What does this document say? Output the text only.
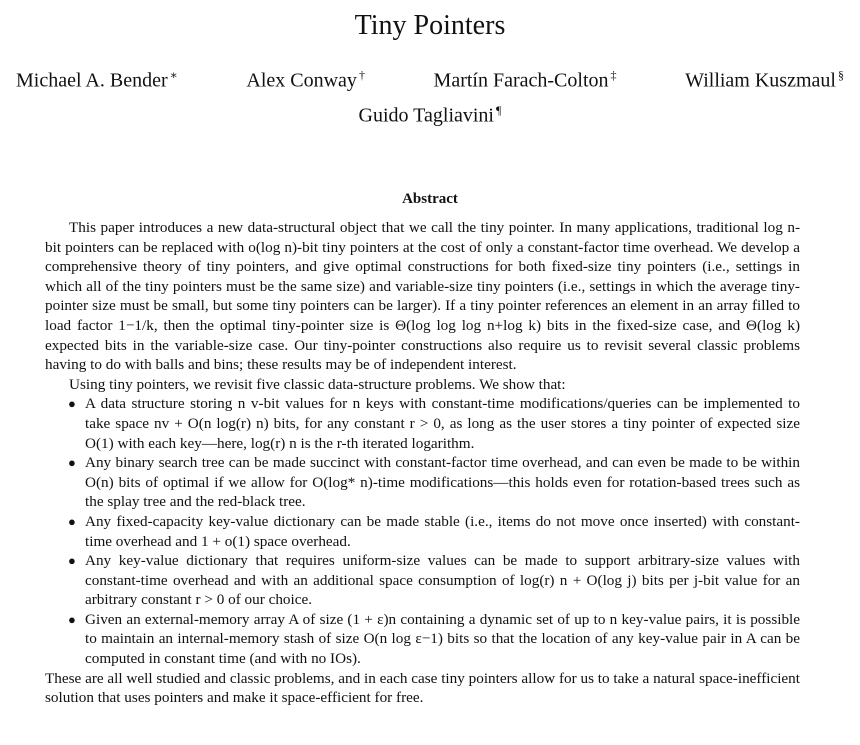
Tiny Pointers
Michael A. Bender ∗	Alex Conway †	Martín Farach-Colton ‡	William Kuszmaul §
Guido Tagliavini ¶
Abstract

This paper introduces a new data-structural object that we call the tiny pointer. In many applications, traditional log n-bit pointers can be replaced with o(log n)-bit tiny pointers at the cost of only a constant-factor time overhead. We develop a comprehensive theory of tiny pointers, and give optimal constructions for both fixed-size tiny pointers (i.e., settings in which all of the tiny pointers must be the same size) and variable-size tiny pointers (i.e., settings in which the average tiny-pointer size must be small, but some tiny pointers can be larger). If a tiny pointer references an element in an array filled to load factor 1−1/k, then the optimal tiny-pointer size is Θ(log log log n+log k) bits in the fixed-size case, and Θ(log k) expected bits in the variable-size case. Our tiny-pointer constructions also require us to revisit several classic problems having to do with balls and bins; these results may be of independent interest.

Using tiny pointers, we revisit five classic data-structure problems. We show that:

● A data structure storing n v-bit values for n keys with constant-time modifications/queries can be implemented to take space nv + O(n log(r) n) bits, for any constant r > 0, as long as the user stores a tiny pointer of expected size O(1) with each key—here, log(r) n is the r-th iterated logarithm.
● Any binary search tree can be made succinct with constant-factor time overhead, and can even be made to be within O(n) bits of optimal if we allow for O(log* n)-time modifications—this holds even for rotation-based trees such as the splay tree and the red-black tree.
● Any fixed-capacity key-value dictionary can be made stable (i.e., items do not move once inserted) with constant-time overhead and 1 + o(1) space overhead.
● Any key-value dictionary that requires uniform-size values can be made to support arbitrary-size values with constant-time overhead and with an additional space consumption of log(r) n + O(log j) bits per j-bit value for an arbitrary constant r > 0 of our choice.
● Given an external-memory array A of size (1 + ε)n containing a dynamic set of up to n key-value pairs, it is possible to maintain an internal-memory stash of size O(n log ε−1) bits so that the location of any key-value pair in A can be computed in constant time (and with no IOs).

These are all well studied and classic problems, and in each case tiny pointers allow for us to take a natural space-inefficient solution that uses pointers and make it space-efficient for free.
